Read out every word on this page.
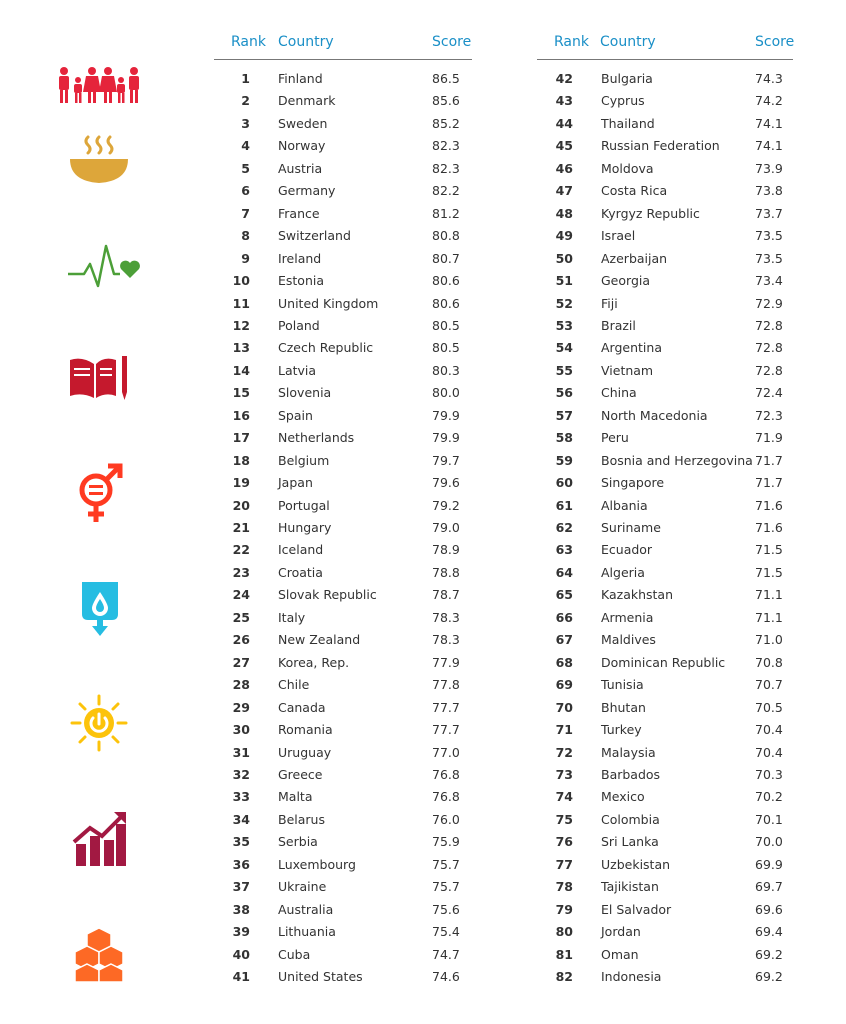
Rank Country	Score
1 Finland	86.5
2 Denmark	85.6
3 Sweden	85.2
4 Norway	82.3
5 Austria	82.3
6 Germany	82.2
7 France	81.2
8 Switzerland	80.8
9 Ireland	80.7
10 Estonia	80.6
11 United Kingdom	80.6
12 Poland	80.5
13 Czech Republic	80.5
14 Latvia	80.3
15 Slovenia	80.0
16 Spain	79.9
17 Netherlands	79.9
18 Belgium	79.7
19 Japan	79.6
20 Portugal	79.2
21 Hungary	79.0
22 Iceland	78.9
23 Croatia	78.8
24 Slovak Republic	78.7
25 Italy	78.3
26 New Zealand	78.3
27 Korea, Rep.	77.9
28 Chile	77.8
29 Canada	77.7
30 Romania	77.7
31 Uruguay	77.0
32 Greece	76.8
33 Malta	76.8
34 Belarus	76.0
35 Serbia	75.9
36 Luxembourg	75.7
37 Ukraine	75.7
38 Australia	75.6
39 Lithuania	75.4
40 Cuba	74.7
41 United States	74.6
Rank Country	Score
42 Bulgaria	74.3
43 Cyprus	74.2
44 Thailand	74.1
45 Russian Federation	74.1
46 Moldova	73.9
47 Costa Rica	73.8
48 Kyrgyz Republic	73.7
49 Israel	73.5
50 Azerbaijan	73.5
51 Georgia	73.4
52 Fiji	72.9
53 Brazil	72.8
54 Argentina	72.8
55 Vietnam	72.8
56 China	72.4
57 North Macedonia	72.3
58 Peru	71.9
59 Bosnia and Herzegovina 71.7
60 Singapore	71.7
61 Albania	71.6
62 Suriname	71.6
63 Ecuador	71.5
64 Algeria	71.5
65 Kazakhstan	71.1
66 Armenia	71.1
67 Maldives	71.0
68 Dominican Republic 70.8
69 Tunisia	70.7
70 Bhutan	70.5
71 Turkey	70.4
72 Malaysia	70.4
73 Barbados	70.3
74 Mexico	70.2
75 Colombia	70.1
76 Sri Lanka	70.0
77 Uzbekistan	69.9
78 Tajikistan	69.7
79 El Salvador	69.6
80 Jordan	69.4
81 Oman	69.2
82 Indonesia	69.2
